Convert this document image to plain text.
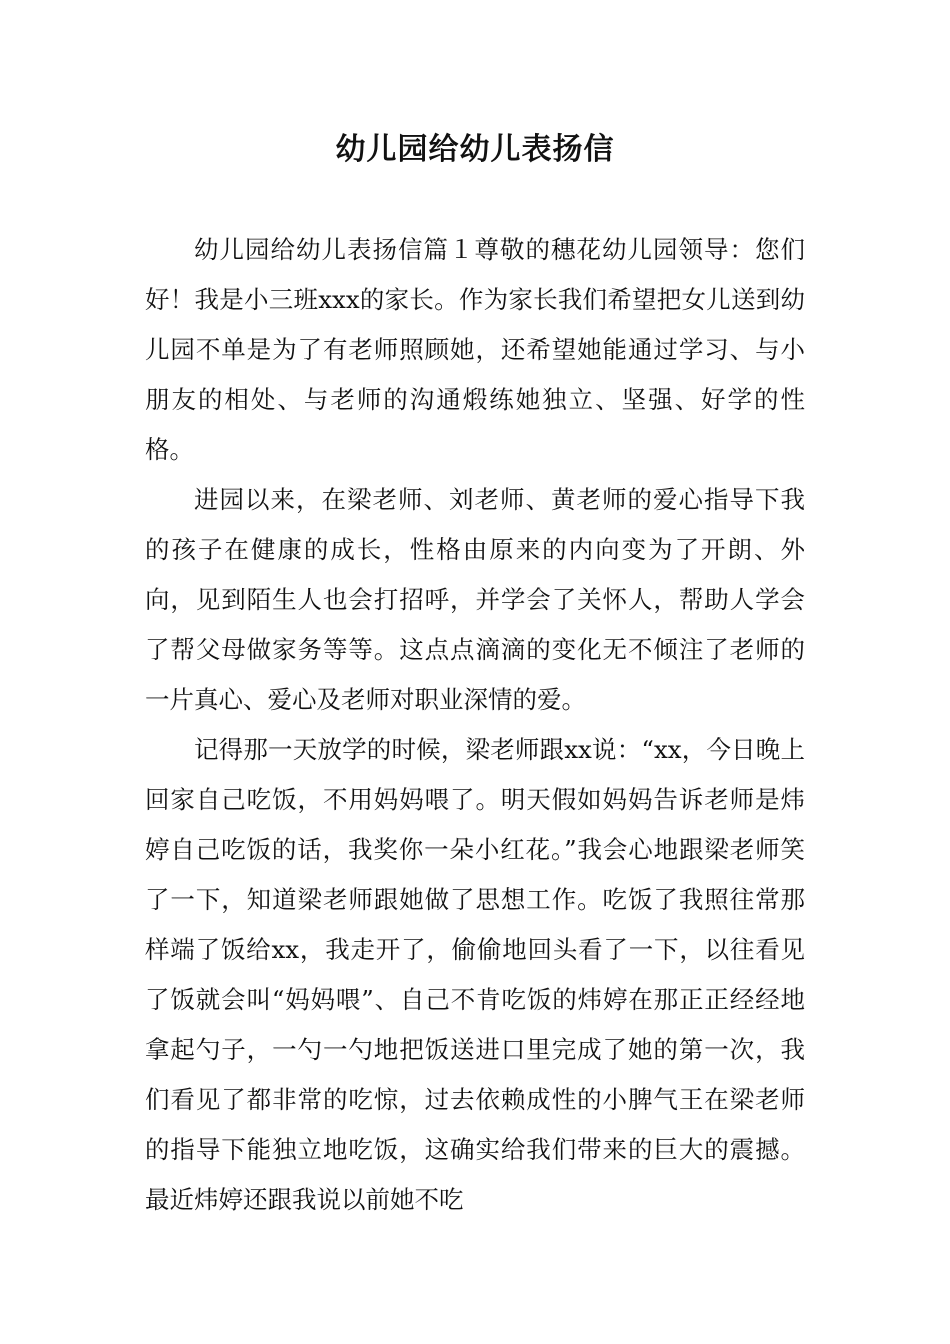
幼儿园给幼儿表扬信

幼儿园给幼儿表扬信篇１尊敬的穗花幼儿园领导：您们好！我是小三班xxx的家长。作为家长我们希望把女儿送到幼儿园不单是为了有老师照顾她，还希望她能通过学习、与小朋友的相处、与老师的沟通煅练她独立、坚强、好学的性格。

进园以来，在梁老师、刘老师、黄老师的爱心指导下我的孩子在健康的成长，性格由原来的内向变为了开朗、外向，见到陌生人也会打招呼，并学会了关怀人，帮助人学会了帮父母做家务等等。这点点滴滴的变化无不倾注了老师的一片真心、爱心及老师对职业深情的爱。

记得那一天放学的时候，梁老师跟xx说：“xx，今日晚上回家自己吃饭，不用妈妈喂了。明天假如妈妈告诉老师是炜婷自己吃饭的话，我奖你一朵小红花。”我会心地跟梁老师笑了一下，知道梁老师跟她做了思想工作。吃饭了我照往常那样端了饭给xx，我走开了，偷偷地回头看了一下，以往看见了饭就会叫“妈妈喂”、自己不肯吃饭的炜婷在那正正经经地拿起勺子，一勺一勺地把饭送进口里完成了她的第一次，我们看见了都非常的吃惊，过去依赖成性的小脾气王在梁老师的指导下能独立地吃饭，这确实给我们带来的巨大的震撼。最近炜婷还跟我说以前她不吃
